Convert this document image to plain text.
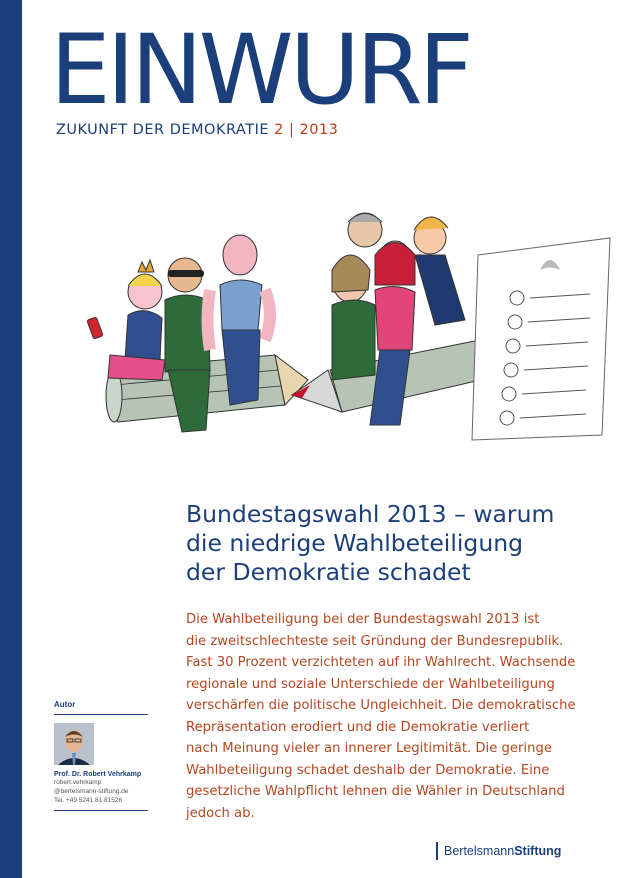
EINWURF
ZUKUNFT DER DEMOKRATIE 2 | 2013
Bundestagswahl 2013 – warum
die niedrige Wahlbeteiligung
der Demokratie schadet
Die Wahlbeteiligung bei der Bundestagswahl 2013 ist
die zweitschlechteste seit Gründung der Bundesrepublik.
Fast 30 Prozent verzichteten auf ihr Wahlrecht. Wachsende
regionale und soziale Unterschiede der Wahlbeteiligung
verschärfen die politische Ungleichheit. Die demokratische
Repräsentation erodiert und die Demokratie verliert
nach Meinung vieler an innerer Legitimität. Die geringe
Wahlbeteiligung schadet deshalb der Demokratie. Eine
gesetzliche Wahlpflicht lehnen die Wähler in Deutschland
jedoch ab.
Autor
Prof. Dr. Robert Vehrkamp
robert.vehrkamp
@bertelsmann-stiftung.de
Tel. +49 5241 81 81526
BertelsmannStiftung
